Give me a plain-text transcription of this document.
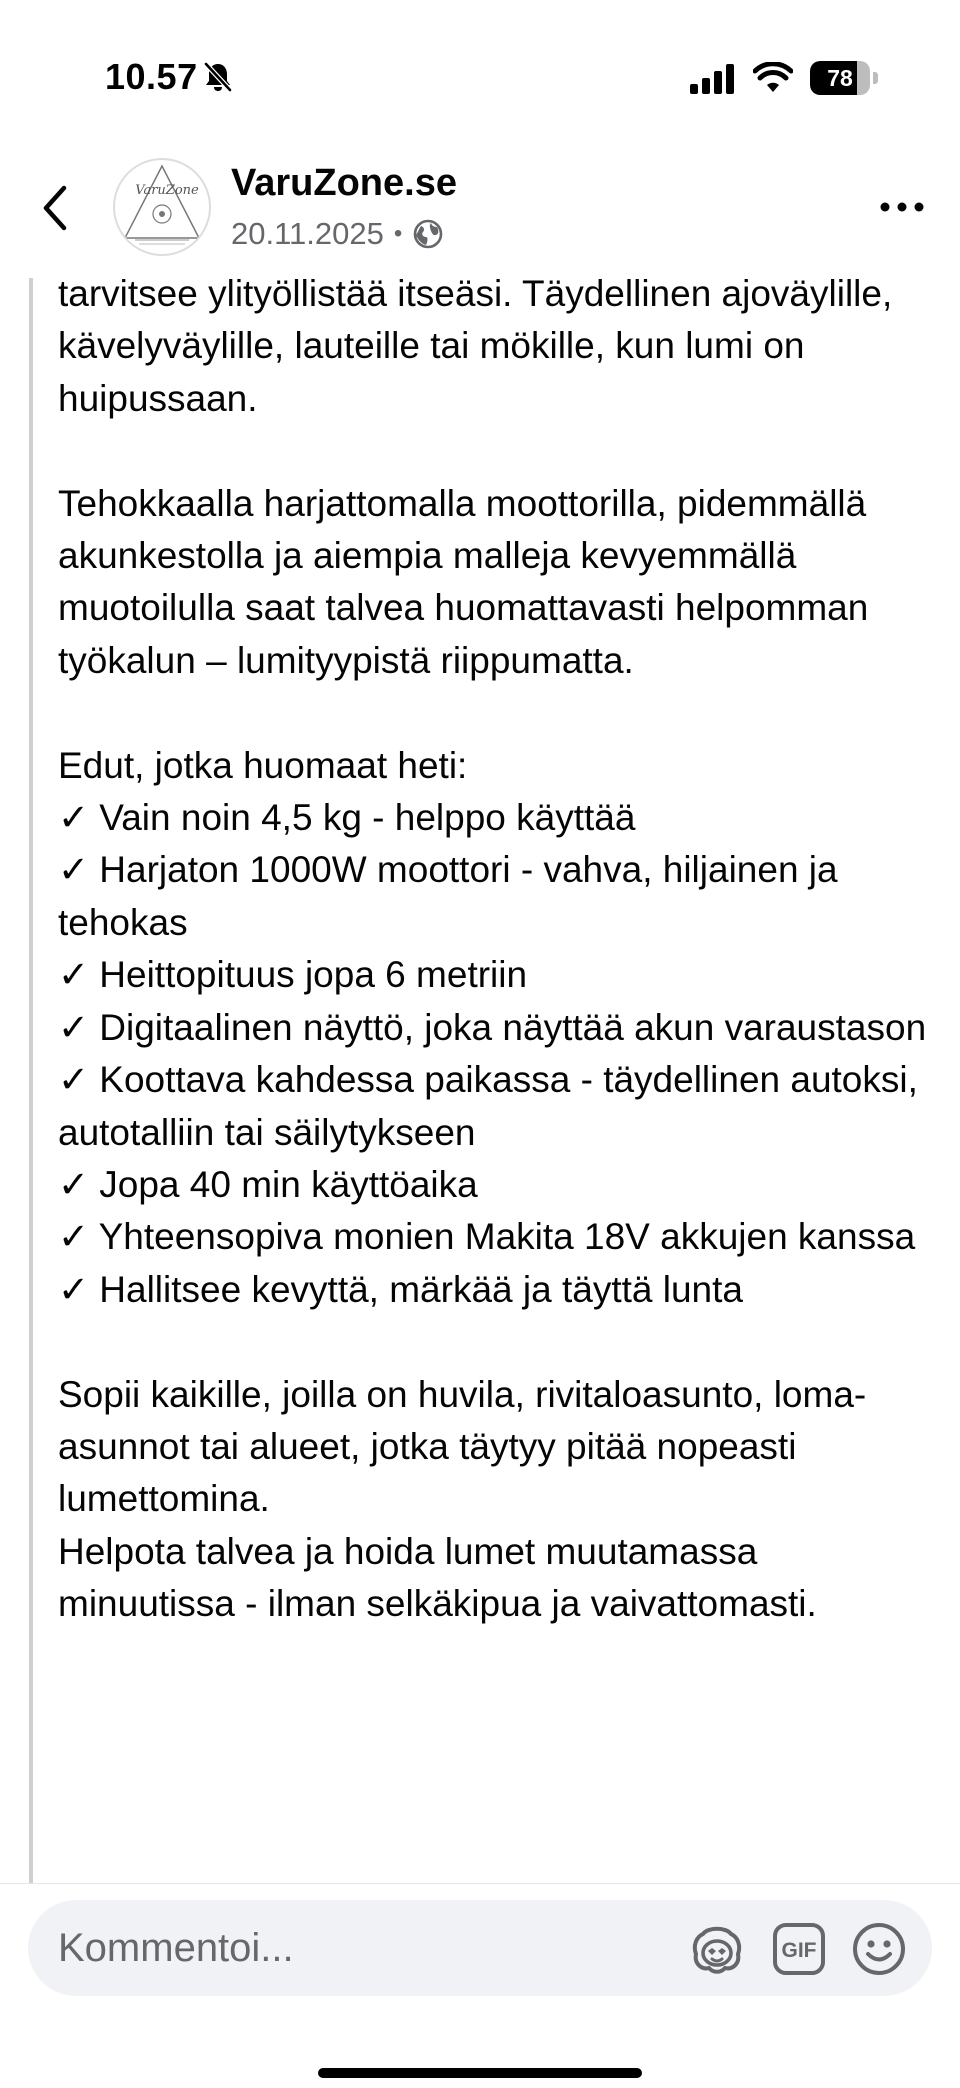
10.57	78
VaruZone VaruZone.se
20.11.2025 •

tarvitsee ylityöllistää itseäsi. Täydellinen ajoväylille, kävelyväylille, lauteille tai mökille, kun lumi on huipussaan.

Tehokkaalla harjattomalla moottorilla, pidemmällä akunkestolla ja aiempia malleja kevyemmällä muotoilulla saat talvea huomattavasti helpomman työkalun – lumityypistä riippumatta.

Edut, jotka huomaat heti:
✓ Vain noin 4,5 kg - helppo käyttää
✓ Harjaton 1000W moottori - vahva, hiljainen ja tehokas
✓ Heittopituus jopa 6 metriin
✓ Digitaalinen näyttö, joka näyttää akun varaustason
✓ Koottava kahdessa paikassa - täydellinen autoksi, autotalliin tai säilytykseen
✓ Jopa 40 min käyttöaika
✓ Yhteensopiva monien Makita 18V akkujen kanssa
✓ Hallitsee kevyttä, märkää ja täyttä lunta

Sopii kaikille, joilla on huvila, rivitaloasunto, loma-asunnot tai alueet, jotka täytyy pitää nopeasti lumettomina.
Helpota talvea ja hoida lumet muutamassa minuutissa - ilman selkäkipua ja vaivattomasti.

Kommentoi...
GIF
